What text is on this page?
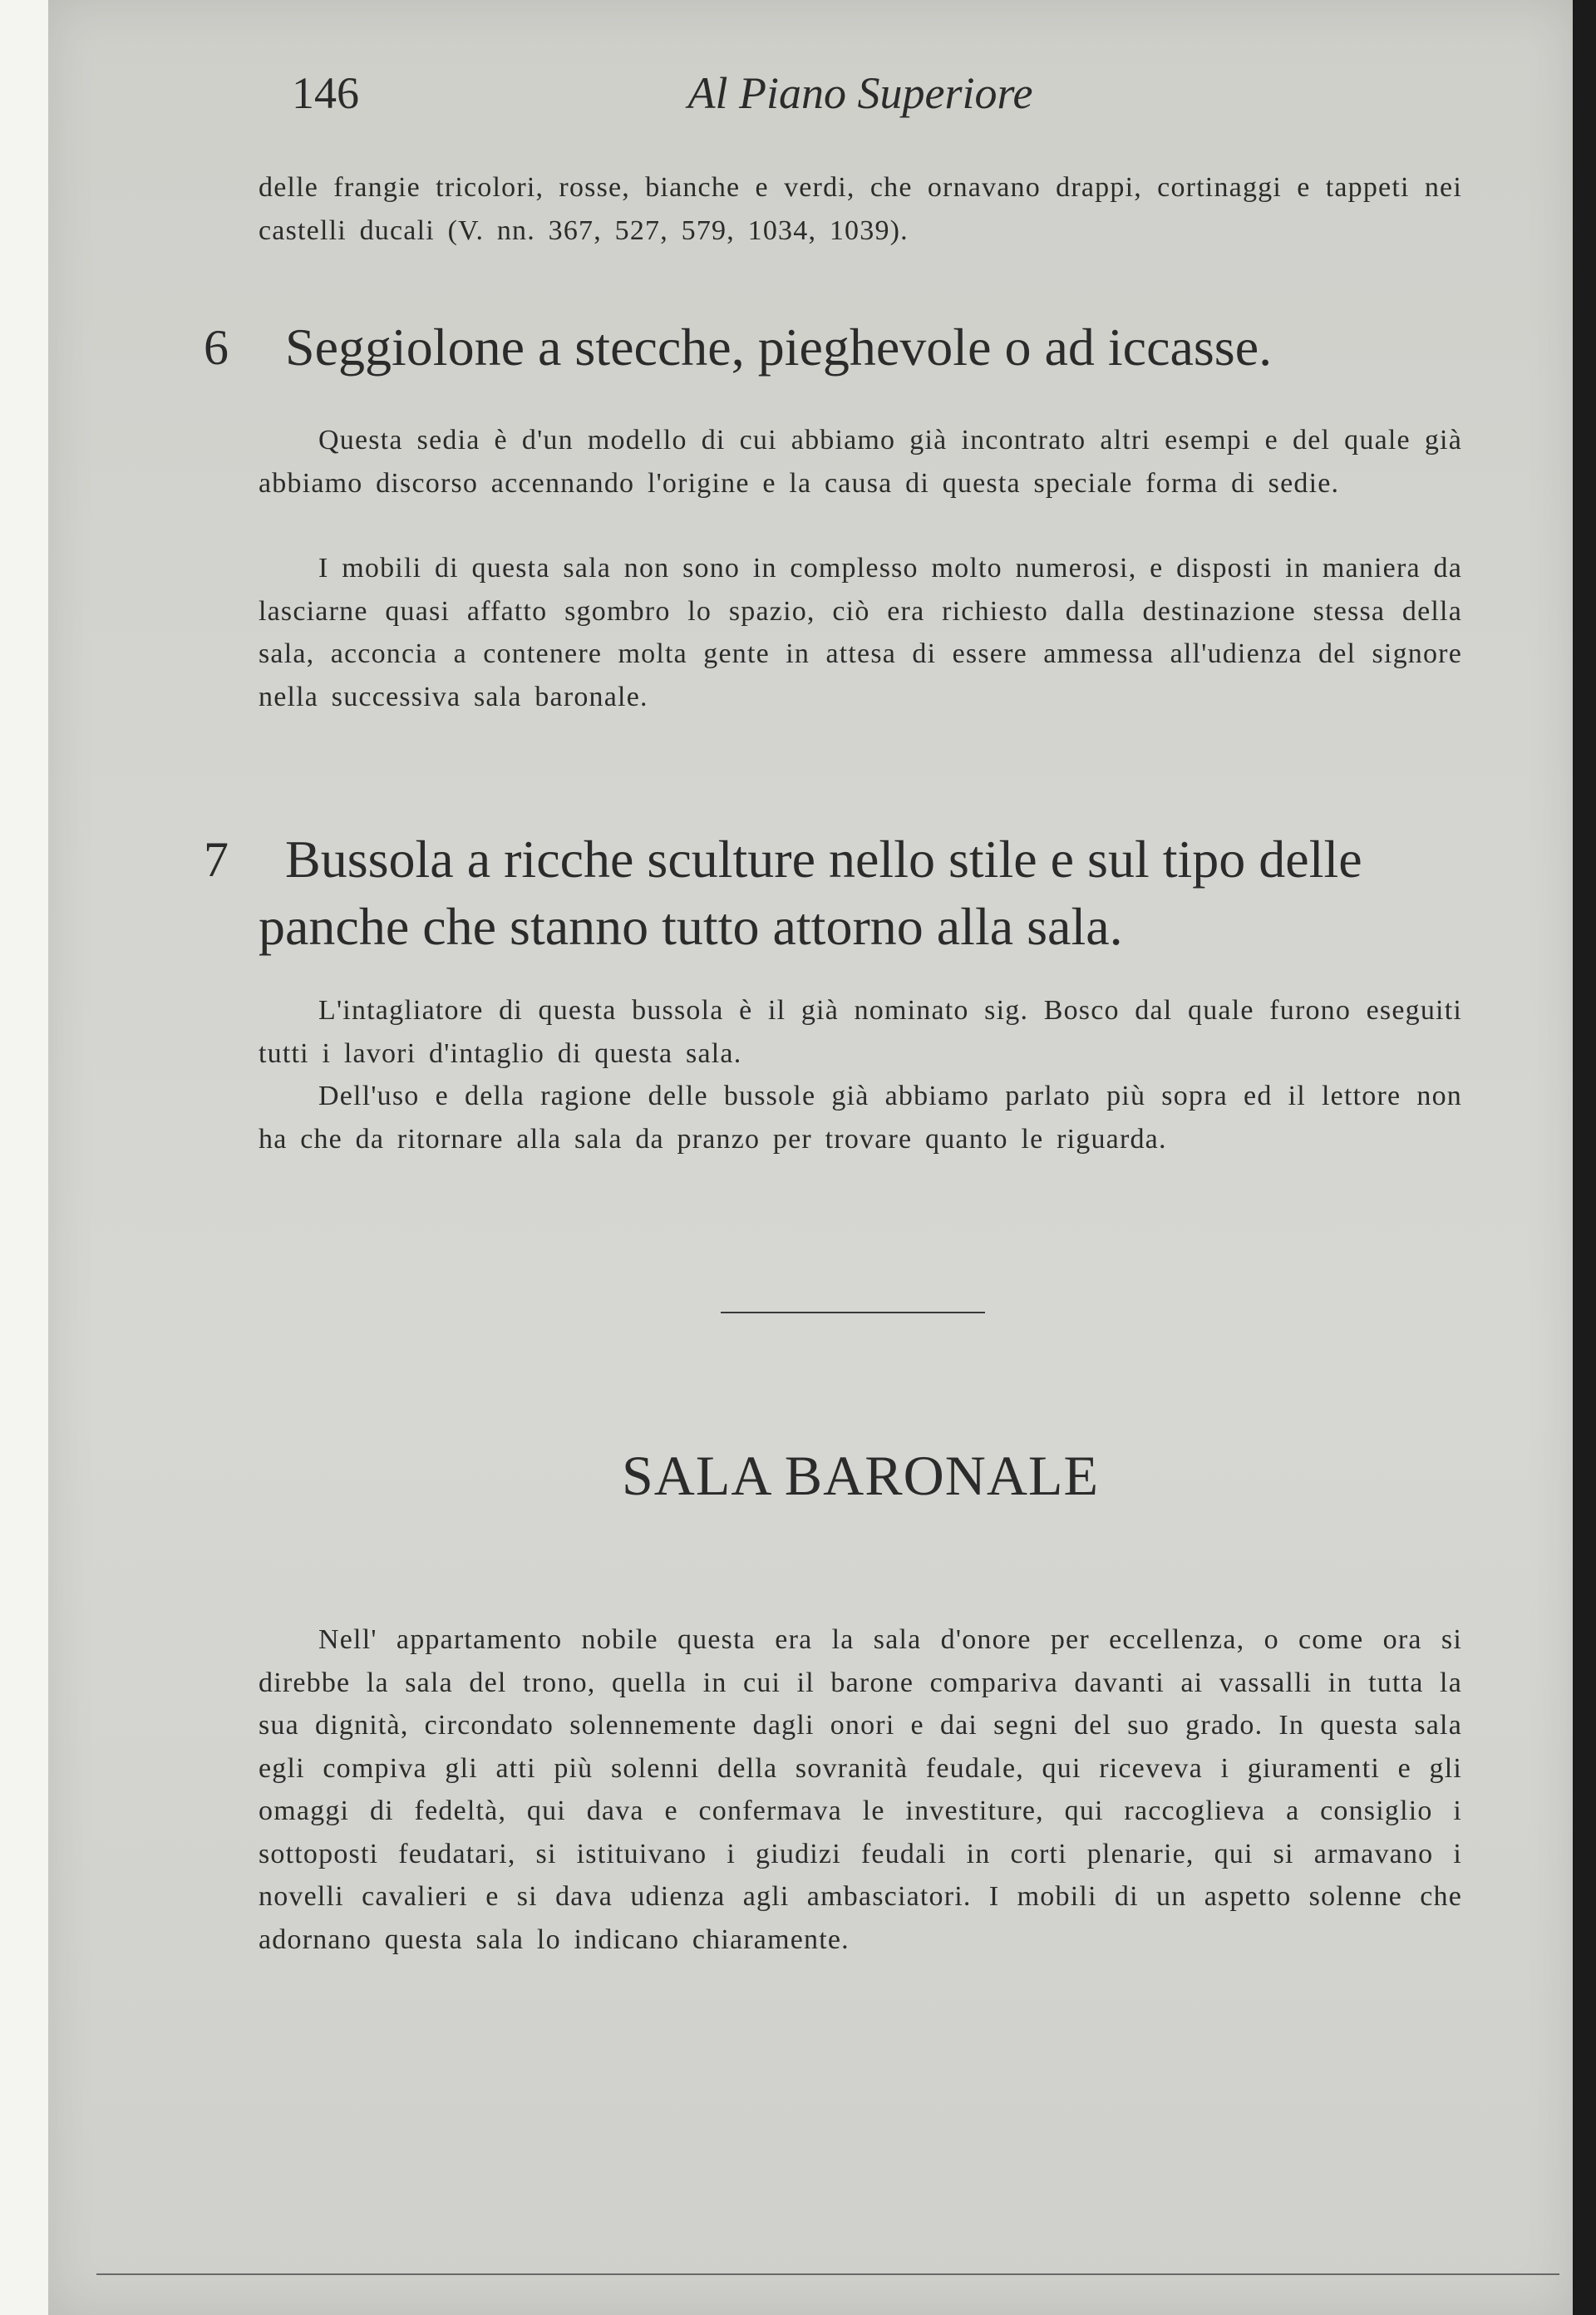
146	Al Piano Superiore

delle frangie tricolori, rosse, bianche e verdi, che ornavano drappi, cortinaggi e tappeti nei castelli ducali (V. nn. 367, 527, 579, 1034, 1039).

6 Seggiolone a stecche, pieghevole o ad iccasse.

Questa sedia è d'un modello di cui abbiamo già incontrato altri esempi e del quale già abbiamo discorso accennando l'origine e la causa di questa speciale forma di sedie.

I mobili di questa sala non sono in complesso molto numerosi, e disposti in maniera da lasciarne quasi affatto sgombro lo spazio, ciò era richiesto dalla destinazione stessa della sala, acconcia a contenere molta gente in attesa di essere ammessa all'udienza del signore nella successiva sala baronale.

7 Bussola a ricche sculture nello stile e sul tipo delle
panche che stanno tutto attorno alla sala.

L'intagliatore di questa bussola è il già nominato sig. Bosco dal quale furono eseguiti tutti i lavori d'intaglio di questa sala.

Dell'uso e della ragione delle bussole già abbiamo parlato più sopra ed il lettore non ha che da ritornare alla sala da pranzo per trovare quanto le riguarda.

SALA BARONALE

Nell' appartamento nobile questa era la sala d'onore per eccellenza, o come ora si direbbe la sala del trono, quella in cui il barone compariva davanti ai vassalli in tutta la sua dignità, circondato solennemente dagli onori e dai segni del suo grado. In questa sala egli compiva gli atti più solenni della sovranità feudale, qui riceveva i giuramenti e gli omaggi di fedeltà, qui dava e confermava le investiture, qui raccoglieva a consiglio i sottoposti feudatari, si istituivano i giudizi feudali in corti plenarie, qui si armavano i novelli cavalieri e si dava udienza agli ambasciatori. I mobili di un aspetto solenne che adornano questa sala lo indicano chiaramente.
